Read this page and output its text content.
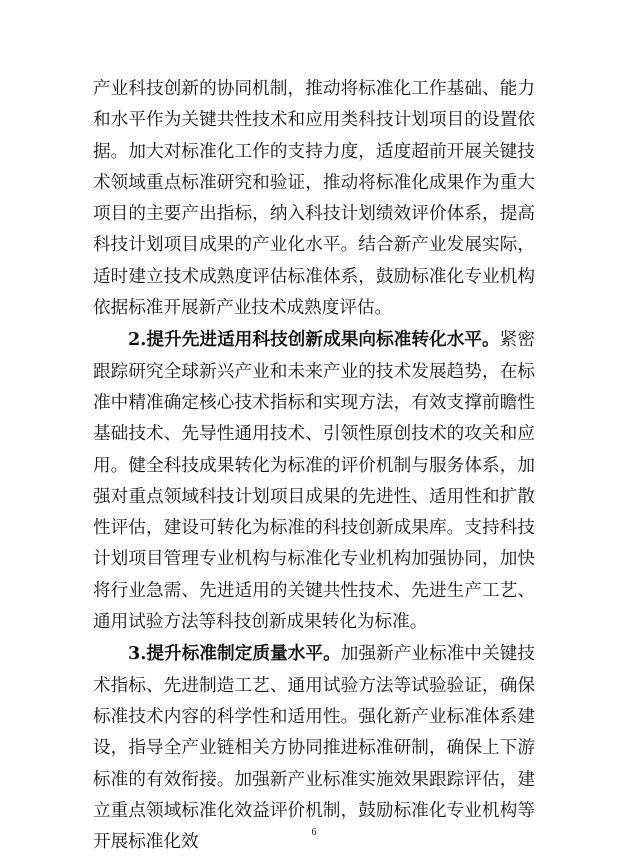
产业科技创新的协同机制，推动将标准化工作基础、能力和水平作为关键共性技术和应用类科技计划项目的设置依据。加大对标准化工作的支持力度，适度超前开展关键技术领域重点标准研究和验证，推动将标准化成果作为重大项目的主要产出指标，纳入科技计划绩效评价体系，提高科技计划项目成果的产业化水平。结合新产业发展实际，适时建立技术成熟度评估标准体系，鼓励标准化专业机构依据标准开展新产业技术成熟度评估。

2.提升先进适用科技创新成果向标准转化水平。紧密跟踪研究全球新兴产业和未来产业的技术发展趋势，在标准中精准确定核心技术指标和实现方法，有效支撑前瞻性基础技术、先导性通用技术、引领性原创技术的攻关和应用。健全科技成果转化为标准的评价机制与服务体系，加强对重点领域科技计划项目成果的先进性、适用性和扩散性评估，建设可转化为标准的科技创新成果库。支持科技计划项目管理专业机构与标准化专业机构加强协同，加快将行业急需、先进适用的关键共性技术、先进生产工艺、通用试验方法等科技创新成果转化为标准。

3.提升标准制定质量水平。加强新产业标准中关键技术指标、先进制造工艺、通用试验方法等试验验证，确保标准技术内容的科学性和适用性。强化新产业标准体系建设，指导全产业链相关方协同推进标准研制，确保上下游标准的有效衔接。加强新产业标准实施效果跟踪评估，建立重点领域标准化效益评价机制，鼓励标准化专业机构等开展标准化效	6
